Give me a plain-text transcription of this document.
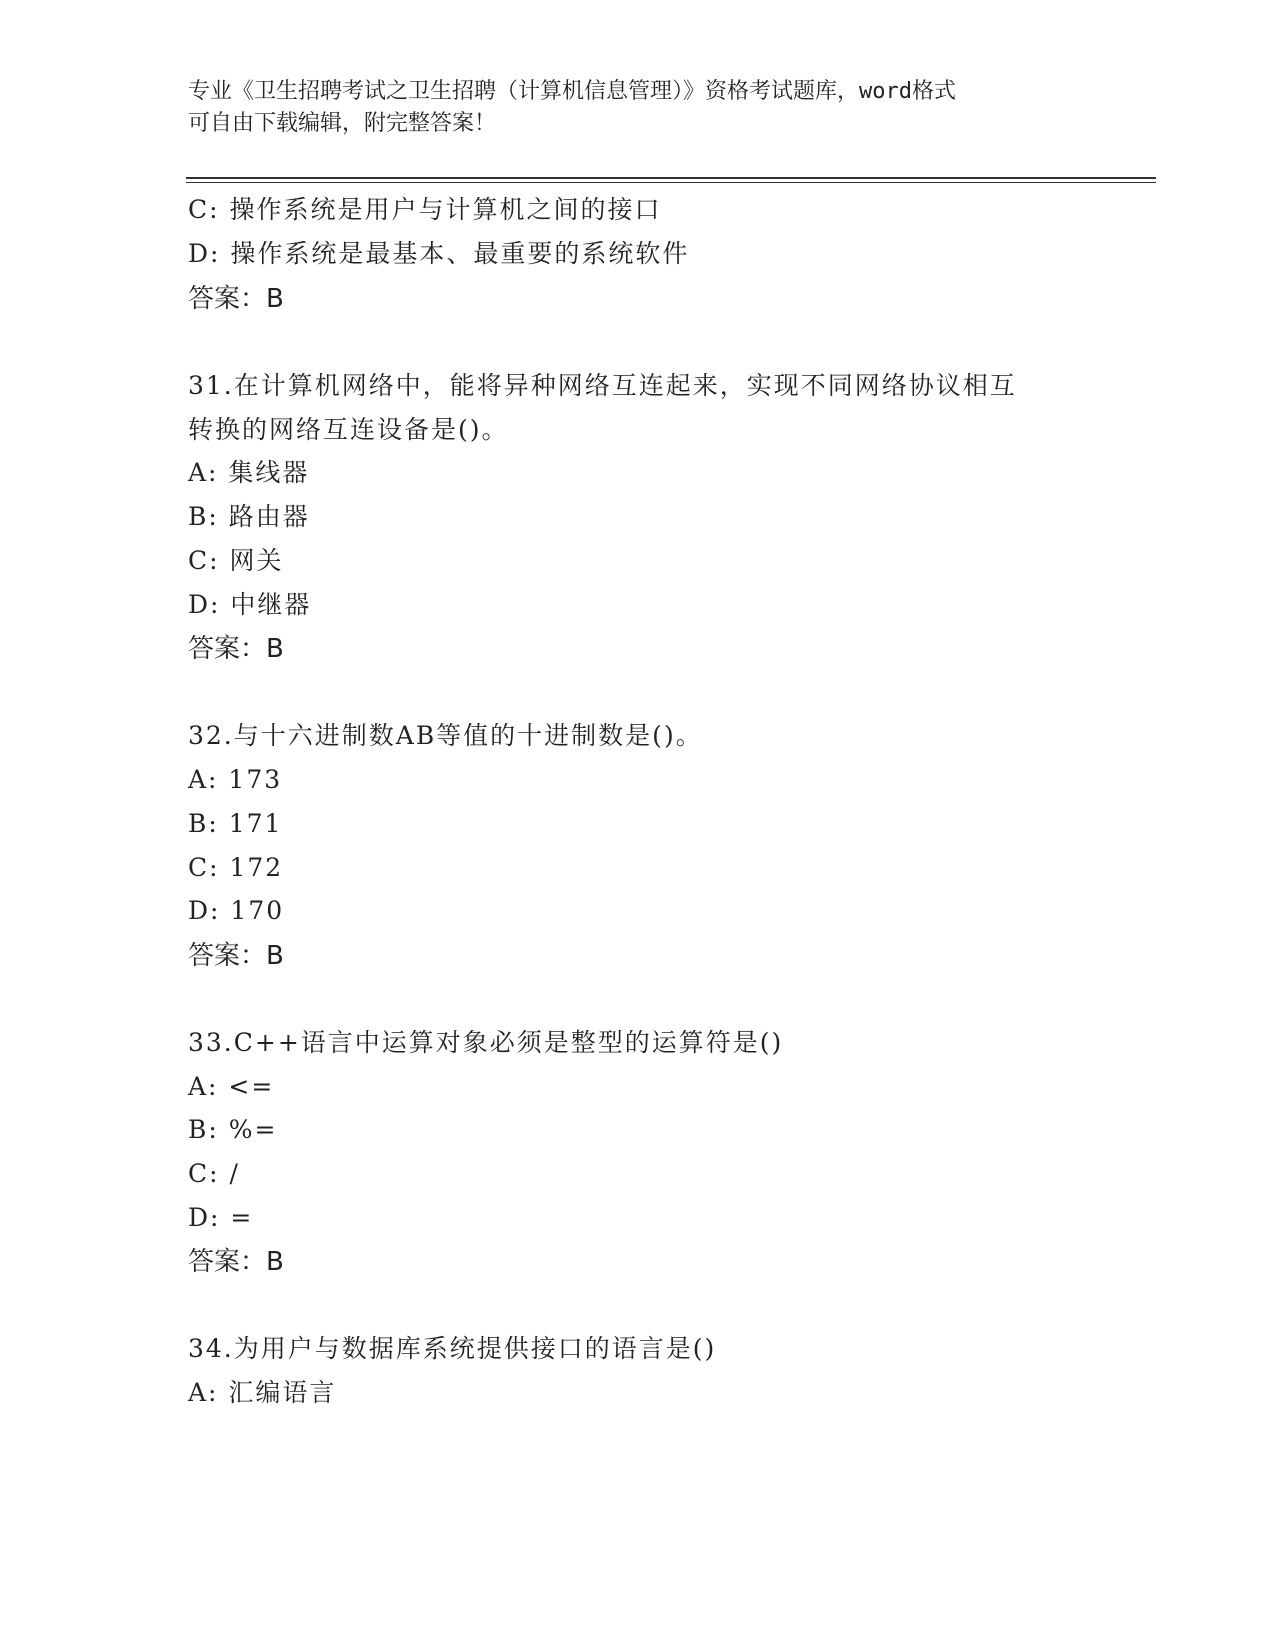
专业《卫生招聘考试之卫生招聘（计算机信息管理）》资格考试题库，word格式
可自由下载编辑，附完整答案！
C: 操作系统是用户与计算机之间的接口
D: 操作系统是最基本、最重要的系统软件
答案：B
31.在计算机网络中，能将异种网络互连起来，实现不同网络协议相互
转换的网络互连设备是()。
A: 集线器
B: 路由器
C: 网关
D: 中继器
答案：B
32.与十六进制数AB等值的十进制数是()。
A: 173
B: 171
C: 172
D: 170
答案：B
33.C++语言中运算对象必须是整型的运算符是()
A: <=
B: %=
C: /
D: =
答案：B
34.为用户与数据库系统提供接口的语言是()
A: 汇编语言
